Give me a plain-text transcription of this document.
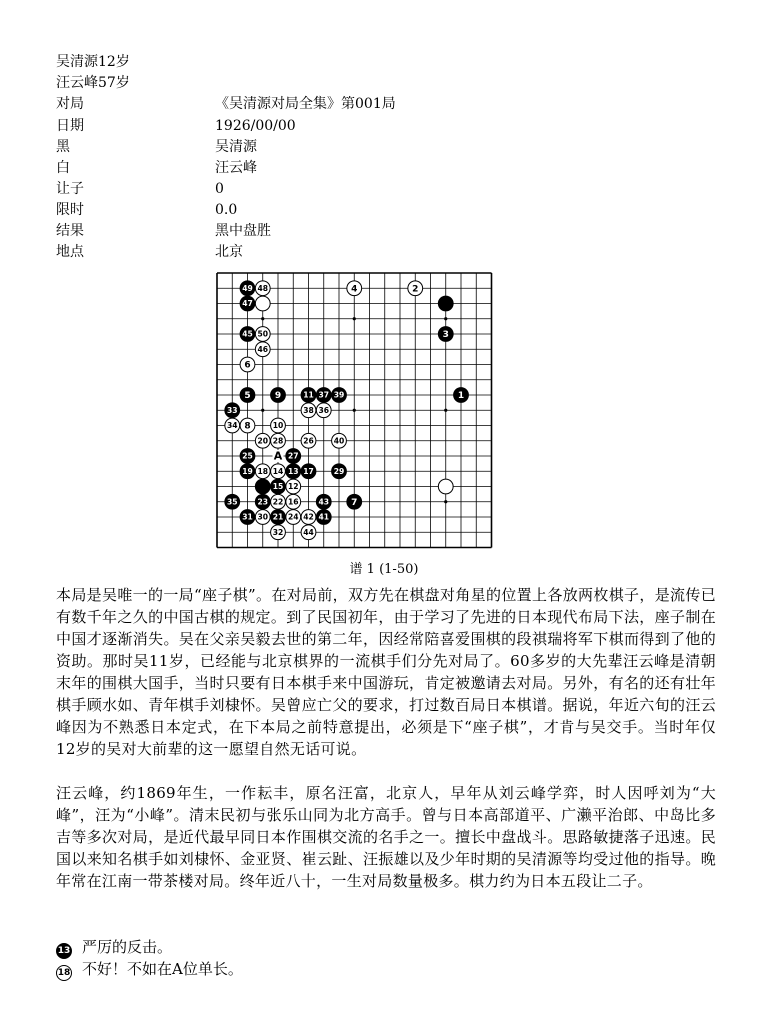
吴清源12岁
汪云峰57岁
对局	《吴清源对局全集》第001局
日期	1926/00/00
黑	吴清源
白	汪云峰
让子	0
限时	0.0
结果	黑中盘胜
地点	北京
49 48	4	2
47
45 50	3
46
6
5	9	11 37 39	1
33	38 36
34 8	10
20 28	26	40
25	27
19 18 14 13 17	29
15 12
35	23 22 16	43 7
31 30 21 24 42 41
32	44
A
谱 1 (1-50)
本局是吴唯一的一局“座子棋”。在对局前，双方先在棋盘对角星的位置上各放两枚棋子，是流传已有数千年之久的中国古棋的规定。到了民国初年，由于学习了先进的日本现代布局下法，座子制在中国才逐渐消失。吴在父亲吴毅去世的第二年，因经常陪喜爱围棋的段祺瑞将军下棋而得到了他的资助。那时吴11岁，已经能与北京棋界的一流棋手们分先对局了。60多岁的大先辈汪云峰是清朝末年的围棋大国手，当时只要有日本棋手来中国游玩，肯定被邀请去对局。另外，有名的还有壮年棋手顾水如、青年棋手刘棣怀。吴曾应亡父的要求，打过数百局日本棋谱。据说，年近六旬的汪云峰因为不熟悉日本定式，在下本局之前特意提出，必须是下“座子棋”，才肯与吴交手。当时年仅12岁的吴对大前辈的这一愿望自然无话可说。
汪云峰，约1869年生，一作耘丰，原名汪富，北京人，早年从刘云峰学弈，时人因呼刘为“大峰”，汪为“小峰”。清末民初与张乐山同为北方高手。曾与日本高部道平、广濑平治郎、中岛比多吉等多次对局，是近代最早同日本作围棋交流的名手之一。擅长中盘战斗。思路敏捷落子迅速。民国以来知名棋手如刘棣怀、金亚贤、崔云趾、汪振雄以及少年时期的吴清源等均受过他的指导。晚年常在江南一带茶楼对局。终年近八十，一生对局数量极多。棋力约为日本五段让二子。
13 严厉的反击。
18 不好！不如在A位单长。
